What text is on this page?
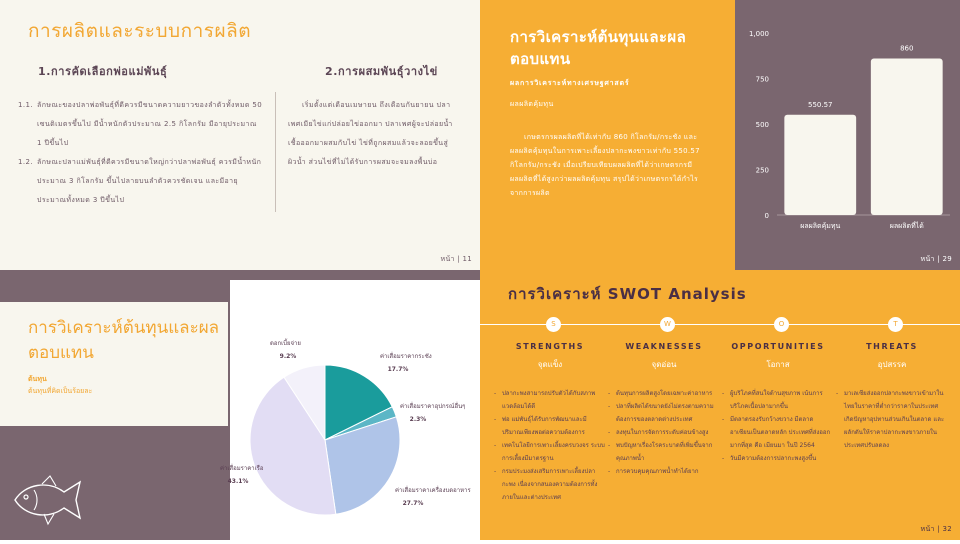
การผลิตและระบบการผลิต
1.การคัดเลือกพ่อแม่พันธุ์	2.การผสมพันธุ์วางไข่
1.1. ลักษณะของปลาพ่อพันธุ์ที่ดีควรมีขนาดความยาวของลำตัวทั้งหมด 50 เซนติเมตรขึ้นไป มีน้ำหนักตัวประมาณ 2.5 กิโลกรัม มีอายุประมาณ 1 ปีขึ้นไป
1.2. ลักษณะปลาแม่พันธุ์ที่ดีควรมีขนาดใหญ่กว่าปลาพ่อพันธุ์ ควรมีน้ำหนักประมาณ 3 กิโลกรัม ขึ้นไปลายบนลำตัวควรชัดเจน และมีอายุประมาณทั้งหมด 3 ปีขึ้นไป
เริ่มตั้งแต่เดือนเมษายน ถึงเดือนกันยายน ปลาเพศเมียไข่แก่ปล่อยไข่ออกมา ปลาเพศผู้จะปล่อยน้ำเชื้อออกมาผสมกับไข่ ไข่ที่ถูกผสมแล้วจะลอยขึ้นสู่ผิวน้ำ ส่วนไข่ที่ไม่ได้รับการผสมจะจมลงพื้นบ่อ
หน้า | 11
การวิเคราะห์ต้นทุนและผลตอบแทน
ผลการวิเคราะห์ทางเศรษฐศาสตร์
ผลผลิตคุ้มทุน
เกษตรกรผลผลิตที่ได้เท่ากับ 860 กิโลกรัม/กระชัง และผลผลิตคุ้มทุนในการเพาะเลี้ยงปลากะพงขาวเท่ากับ 550.57 กิโลกรัม/กระชัง เมื่อเปรียบเทียบผลผลิตที่ได้ว่าเกษตรกรมีผลผลิตที่ได้สูงกว่าผลผลิตคุ้มทุน สรุปได้ว่าเกษตรกรได้กำไรจากการผลิต
0
250
500
750
1,000
550.57
ผลผลิตคุ้มทุน
860
ผลผลิตที่ได้
หน้า | 29
การวิเคราะห์ต้นทุนและผลตอบแทน
ต้นทุน
ต้นทุนที่คิดเป็นร้อยละ
ค่าเสื่อมราคากระชัง
17.7%
ค่าเสื่อมราคาอุปกรณ์อื่นๆ
2.3%
ค่าเสื่อมราคาเครื่องบดอาหาร
27.7%
ค่าเสื่อมราคาเรือ
43.1%
ดอกเบี้ยจ่าย
9.2%
หน้า | 24
การวิเคราะห์ SWOT Analysis
S	W	O	T
STRENGTHS
จุดแข็ง
- ปลากะพงสามารถปรับตัวได้กับสภาพแวดล้อมได้ดี
- พ่อ แม่พันธุ์ได้รับการพัฒนาและมีปริมาณเพียงพอต่อความต้องการ
- เทคโนโลยีการเพาะเลี้ยงครบวงจร ระบบการเลี้ยงมีมาตรฐาน
- กรมประมงส่งเสริมการเพาะเลี้ยงปลากะพง เนื่องจากสนองความต้องการทั้งภายในและต่างประเทศ
WEAKNESSES
จุดอ่อน
- ต้นทุนการผลิตสูงโดยเฉพาะค่าอาหาร
- ปลาที่ผลิตได้ขนาดยังไม่ตรงตามความต้องการของตลาดต่างประเทศ
- ลงทุนในการจัดการระดับค่อนข้างสูง
- พบปัญหาเรื่องโรคระบาดที่เพิ่มขึ้นจากคุณภาพน้ำ
- การควบคุมคุณภาพน้ำทำได้ยาก
OPPORTUNITIES
โอกาส
- ผู้บริโภคที่สนใจด้านสุขภาพ เน้นการบริโภคเนื้อปลามากขึ้น
- มีตลาดรองรับกว้างขวาง มีตลาดอาเซียนเป็นตลาดหลัก ประเทศที่ส่งออกมากที่สุด คือ เมียนมา ในปี 2564
- วันมีความต้องการปลากะพงสูงขึ้น
THREATS
อุปสรรค
- มาเลเซียส่งออกปลากะพงขาวเข้ามาในไทยในราคาที่ต่ำกว่าราคาในประเทศ เกิดปัญหาอุปทานส่วนเกินในตลาด และผลักดันให้ราคาปลากะพงขาวภายในประเทศปรับลดลง
หน้า | 32
